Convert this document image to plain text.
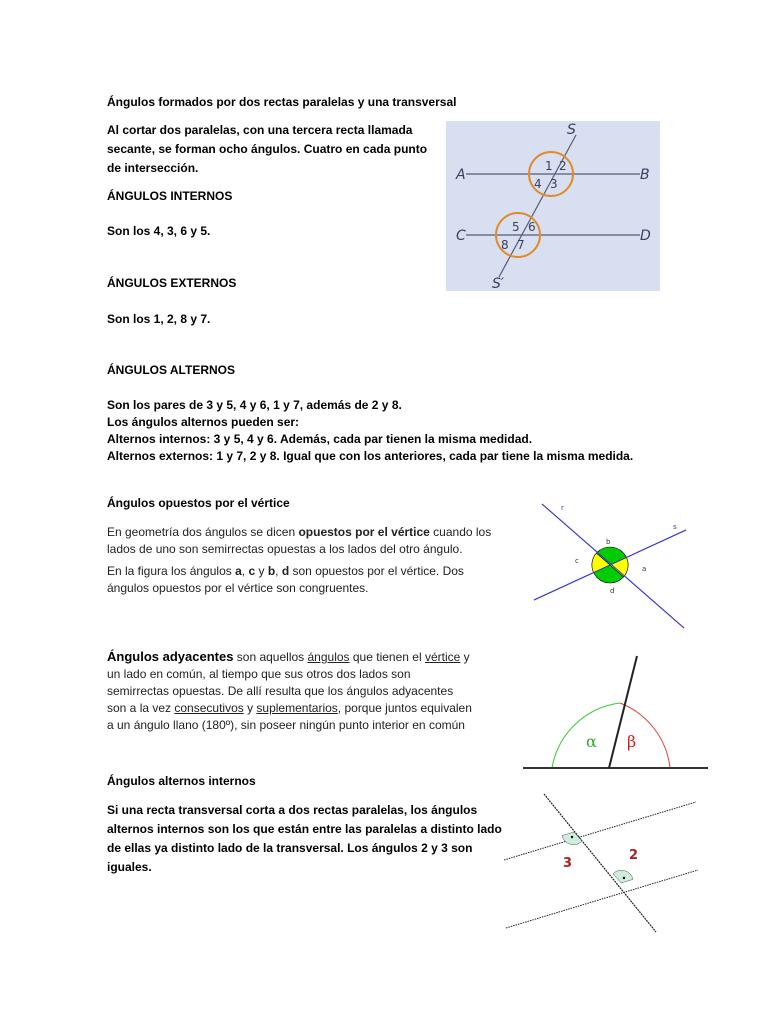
Ángulos formados por dos rectas paralelas y una transversal
Al cortar dos paralelas, con una tercera recta llamada
secante, se forman ocho ángulos. Cuatro en cada punto
de intersección.
ÁNGULOS INTERNOS
Son los 4, 3, 6 y 5.
ÁNGULOS EXTERNOS
Son los 1, 2, 8 y 7.
ÁNGULOS ALTERNOS
Son los pares de 3 y 5, 4 y 6, 1 y 7, además de 2 y 8.
Los ángulos alternos pueden ser:
Alternos internos: 3 y 5, 4 y 6. Además, cada par tienen la misma medidad.
Alternos externos: 1 y 7, 2 y 8. Igual que con los anteriores, cada par tiene la misma medida.
S
A	B
C	D
S′
1 2
4 3
5 6
8 7
Ángulos opuestos por el vértice
En geometría dos ángulos se dicen opuestos por el vértice cuando los
lados de uno son semirrectas opuestas a los lados del otro ángulo.
En la figura los ángulos a, c y b, d son opuestos por el vértice. Dos
ángulos opuestos por el vértice son congruentes.
r
s
b
c
a
d
Ángulos adyacentes son aquellos ángulos que tienen el vértice y
un lado en común, al tiempo que sus otros dos lados son
semirrectas opuestas. De allí resulta que los ángulos adyacentes
son a la vez consecutivos y suplementarios, porque juntos equivalen
a un ángulo llano (180º), sin poseer ningún punto interior en común
α β
Ángulos alternos internos
Si una recta transversal corta a dos rectas paralelas, los ángulos
alternos internos son los que están entre las paralelas a distinto lado
de ellas ya distinto lado de la transversal. Los ángulos 2 y 3 son
iguales.	3
2
